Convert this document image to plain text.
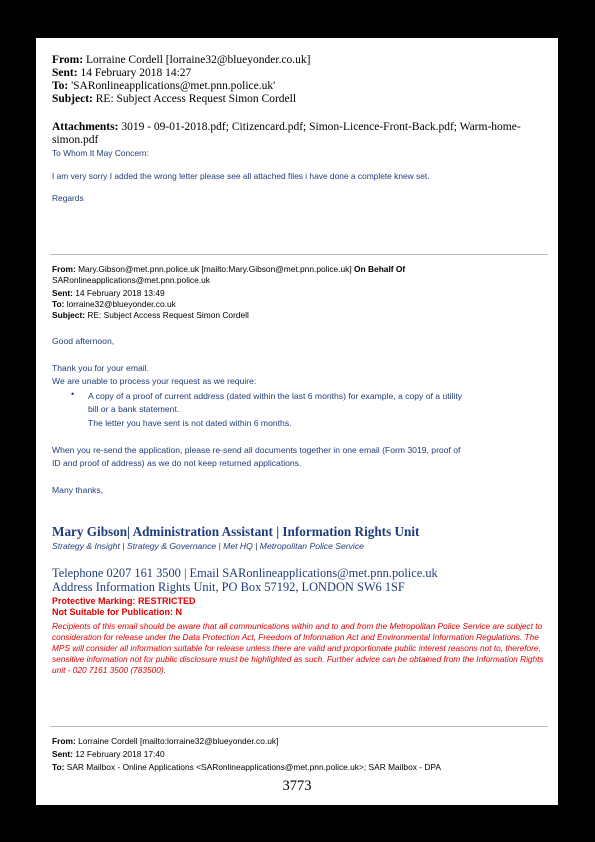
From: Lorraine Cordell [lorraine32@blueyonder.co.uk]
Sent: 14 February 2018 14:27
To: 'SARonlineapplications@met.pnn.police.uk'
Subject: RE: Subject Access Request Simon Cordell
Attachments: 3019 - 09-01-2018.pdf; Citizencard.pdf; Simon-Licence-Front-Back.pdf; Warm-home-
simon.pdf
To Whom It May Concern:
I am very sorry I added the wrong letter please see all attached files i have done a complete knew set.
Regards
From: Mary.Gibson@met.pnn.police.uk [mailto:Mary.Gibson@met.pnn.police.uk] On Behalf Of
SARonlineapplications@met.pnn.police.uk
Sent: 14 February 2018 13:49
To: lorraine32@blueyonder.co.uk
Subject: RE: Subject Access Request Simon Cordell
Good afternoon,
Thank you for your email.
We are unable to process your request as we require:
• A copy of a proof of current address (dated within the last 6 months) for example, a copy of a utility
bill or a bank statement.
The letter you have sent is not dated within 6 months.
When you re-send the application, please re-send all documents together in one email (Form 3019, proof of
ID and proof of address) as we do not keep returned applications.
Many thanks,
Mary Gibson| Administration Assistant | Information Rights Unit
Strategy & Insight | Strategy & Governance | Met HQ | Metropolitan Police Service
Telephone 0207 161 3500 | Email SARonlineapplications@met.pnn.police.uk
Address Information Rights Unit, PO Box 57192, LONDON SW6 1SF
Protective Marking: RESTRICTED
Not Suitable for Publication: N
Recipients of this email should be aware that all communications within and to and from the Metropolitan Police Service are subject to consideration for release under the Data Protection Act, Freedom of Information Act and Environmental Information Regulations. The MPS will consider all information suitable for release unless there are valid and proportionate public interest reasons not to, therefore, sensitive information not for public disclosure must be highlighted as such. Further advice can be obtained from the Information Rights unit - 020 7161 3500 (783500).
From: Lorraine Cordell [mailto:lorraine32@blueyonder.co.uk]
Sent: 12 February 2018 17:40
To: SAR Mailbox - Online Applications <SARonlineapplications@met.pnn.police.uk>; SAR Mailbox - DPA
3773
